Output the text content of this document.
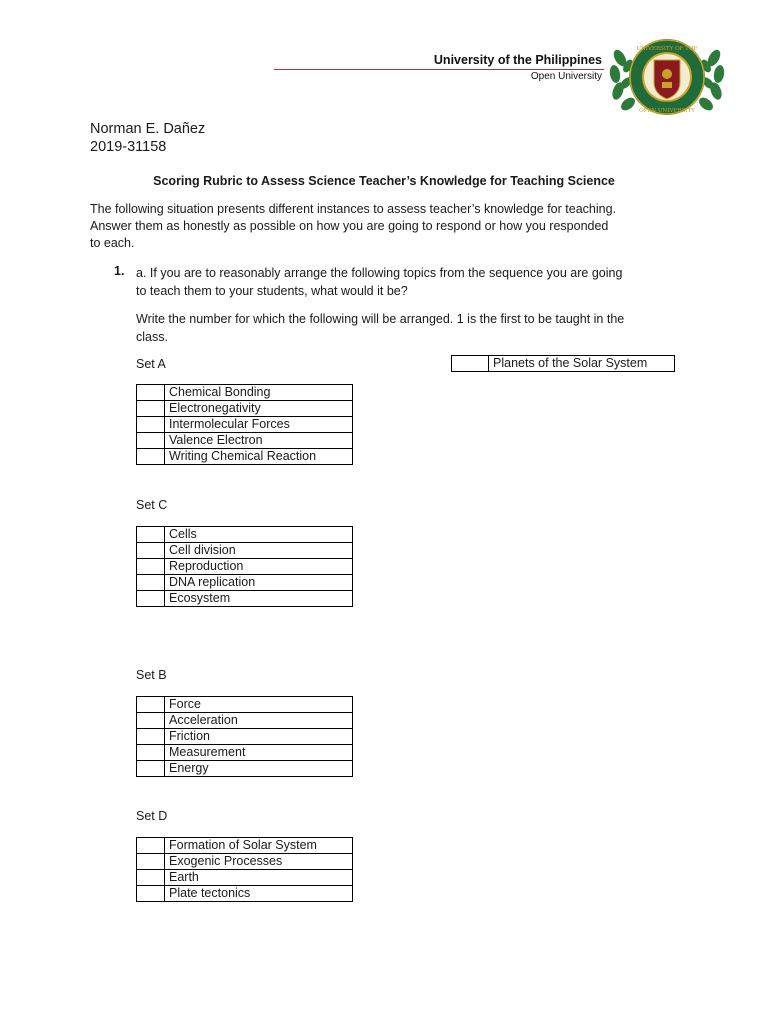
University of the Philippines
Open University
UNIVERSITY OF THE
OPEN UNIVERSITY
1908
Norman E. Dañez
2019-31158
Scoring Rubric to Assess Science Teacher’s Knowledge for Teaching Science
The following situation presents different instances to assess teacher’s knowledge for teaching.
Answer them as honestly as possible on how you are going to respond or how you responded
to each.
1. a. If you are to reasonably arrange the following topics from the sequence you are going
to teach them to your students, what would it be?
Write the number for which the following will be arranged. 1 is the first to be taught in the
class.
Set A
	Chemical Bonding
	Electronegativity
	Intermolecular Forces
	Valence Electron
	Writing Chemical Reaction
	Planets of the Solar System
Set C
	Cells
	Cell division
	Reproduction
	DNA replication
	Ecosystem
Set B
	Force
	Acceleration
	Friction
	Measurement
	Energy
Set D
	Formation of Solar System
	Exogenic Processes
	Earth
	Plate tectonics
